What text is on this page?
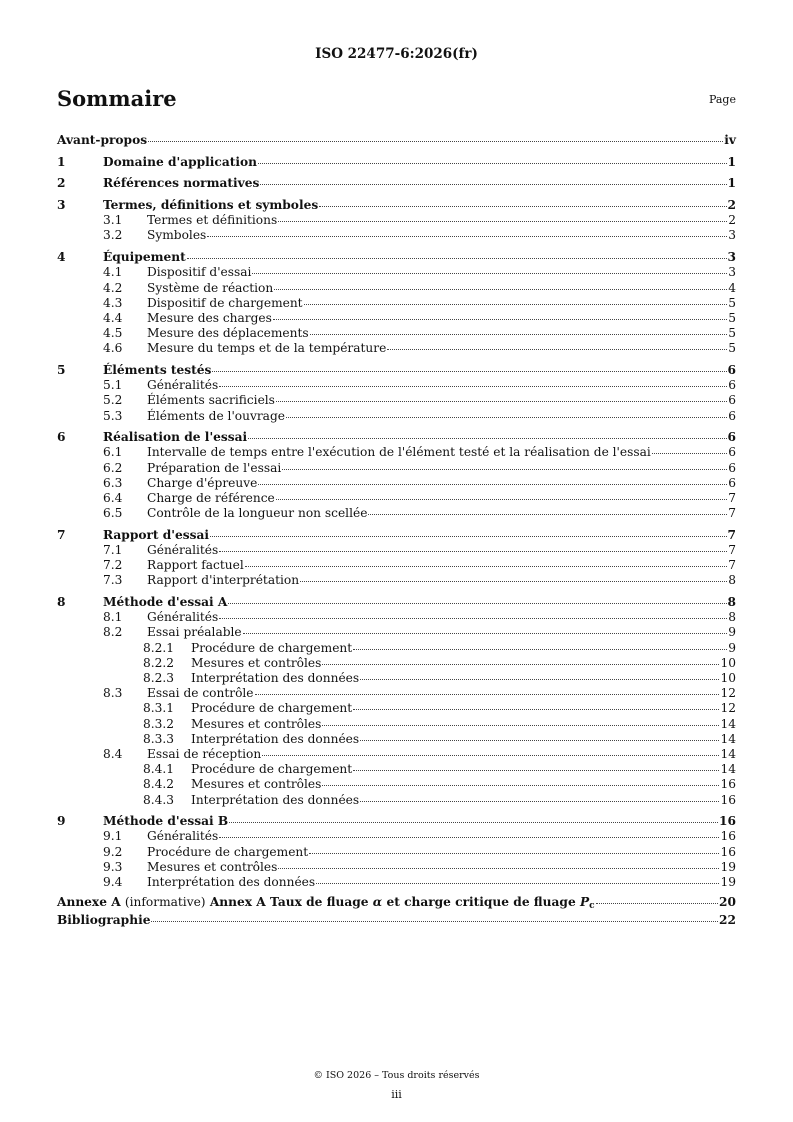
ISO 22477-6:2026(fr)
Sommaire	Page
Avant-propos	iv
1	Domaine d'application	1
2	Références normatives	1
3	Termes, définitions et symboles	2
3.1	Termes et définitions	2
3.2	Symboles	3
4	Équipement	3
4.1	Dispositif d'essai	3
4.2	Système de réaction	4
4.3	Dispositif de chargement	5
4.4	Mesure des charges	5
4.5	Mesure des déplacements	5
4.6	Mesure du temps et de la température	5
5	Éléments testés	6
5.1	Généralités	6
5.2	Éléments sacrificiels	6
5.3	Éléments de l'ouvrage	6
6	Réalisation de l'essai	6
6.1	Intervalle de temps entre l'exécution de l'élément testé et la réalisation de l'essai	6
6.2	Préparation de l'essai	6
6.3	Charge d'épreuve	6
6.4	Charge de référence	7
6.5	Contrôle de la longueur non scellée	7
7	Rapport d'essai	7
7.1	Généralités	7
7.2	Rapport factuel	7
7.3	Rapport d'interprétation	8
8	Méthode d'essai A	8
8.1	Généralités	8
8.2	Essai préalable	9
8.2.1	Procédure de chargement	9
8.2.2	Mesures et contrôles	10
8.2.3	Interprétation des données	10
8.3	Essai de contrôle	12
8.3.1	Procédure de chargement	12
8.3.2	Mesures et contrôles	14
8.3.3	Interprétation des données	14
8.4	Essai de réception	14
8.4.1	Procédure de chargement	14
8.4.2	Mesures et contrôles	16
8.4.3	Interprétation des données	16
9	Méthode d'essai B	16
9.1	Généralités	16
9.2	Procédure de chargement	16
9.3	Mesures et contrôles	19
9.4	Interprétation des données	19
Annexe A (informative) Annex A Taux de fluage α et charge critique de fluage $P_c$	20
Bibliographie	22
© ISO 2026 – Tous droits réservés
iii
